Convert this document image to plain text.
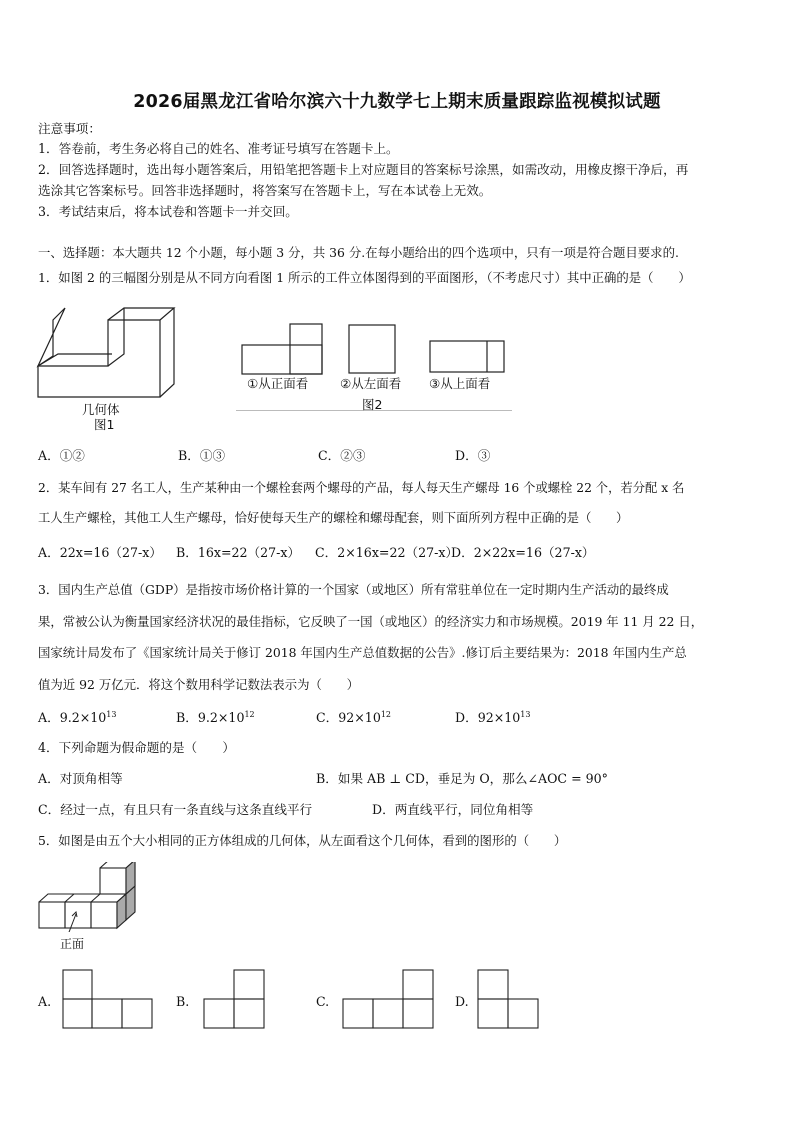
2026届黑龙江省哈尔滨六十九数学七上期末质量跟踪监视模拟试题
注意事项：
1．答卷前，考生务必将自己的姓名、准考证号填写在答题卡上。
2．回答选择题时，选出每小题答案后，用铅笔把答题卡上对应题目的答案标号涂黑，如需改动，用橡皮擦干净后，再
选涂其它答案标号。回答非选择题时，将答案写在答题卡上，写在本试卷上无效。
3．考试结束后，将本试卷和答题卡一并交回。
一、选择题：本大题共 12 个小题，每小题 3 分，共 36 分.在每小题给出的四个选项中，只有一项是符合题目要求的.
1．如图 2 的三幅图分别是从不同方向看图 1 所示的工件立体图得到的平面图形，（不考虑尺寸）其中正确的是（　　）
几何体
图1
①从正面看	②从左面看 ③从上面看
图2
A．①②	B．①③	C．②③	D．③
2．某车间有 27 名工人，生产某种由一个螺栓套两个螺母的产品，每人每天生产螺母 16 个或螺栓 22 个，若分配 x 名
工人生产螺栓，其他工人生产螺母，恰好使每天生产的螺栓和螺母配套，则下面所列方程中正确的是（　　）
A．22x=16（27-x） B．16x=22（27-x） C．2×16x=22（27-x）
D．2×22x=16（27-x）
3．国内生产总值（GDP）是指按市场价格计算的一个国家（或地区）所有常驻单位在一定时期内生产活动的最终成
果，常被公认为衡量国家经济状况的最佳指标，它反映了一国（或地区）的经济实力和市场规模。2019 年 11 月 22 日，
国家统计局发布了《国家统计局关于修订 2018 年国内生产总值数据的公告》.修订后主要结果为：2018 年国内生产总
值为近 92 万亿元．将这个数用科学记数法表示为（　　）
A．$9.2\times 10^{13}$	B．$9.2\times 10^{12}$	C．$92\times 10^{12}$	D．$92\times 10^{13}$
4．下列命题为假命题的是（　　）
A．对顶角相等	B．如果 AB ⊥ CD，垂足为 O，那么∠AOC = 90°
C．经过一点，有且只有一条直线与这条直线平行	D．两直线平行，同位角相等
5．如图是由五个大小相同的正方体组成的几何体，从左面看这个几何体，看到的图形的（　　）
正面
A.	B.	C.	D.
